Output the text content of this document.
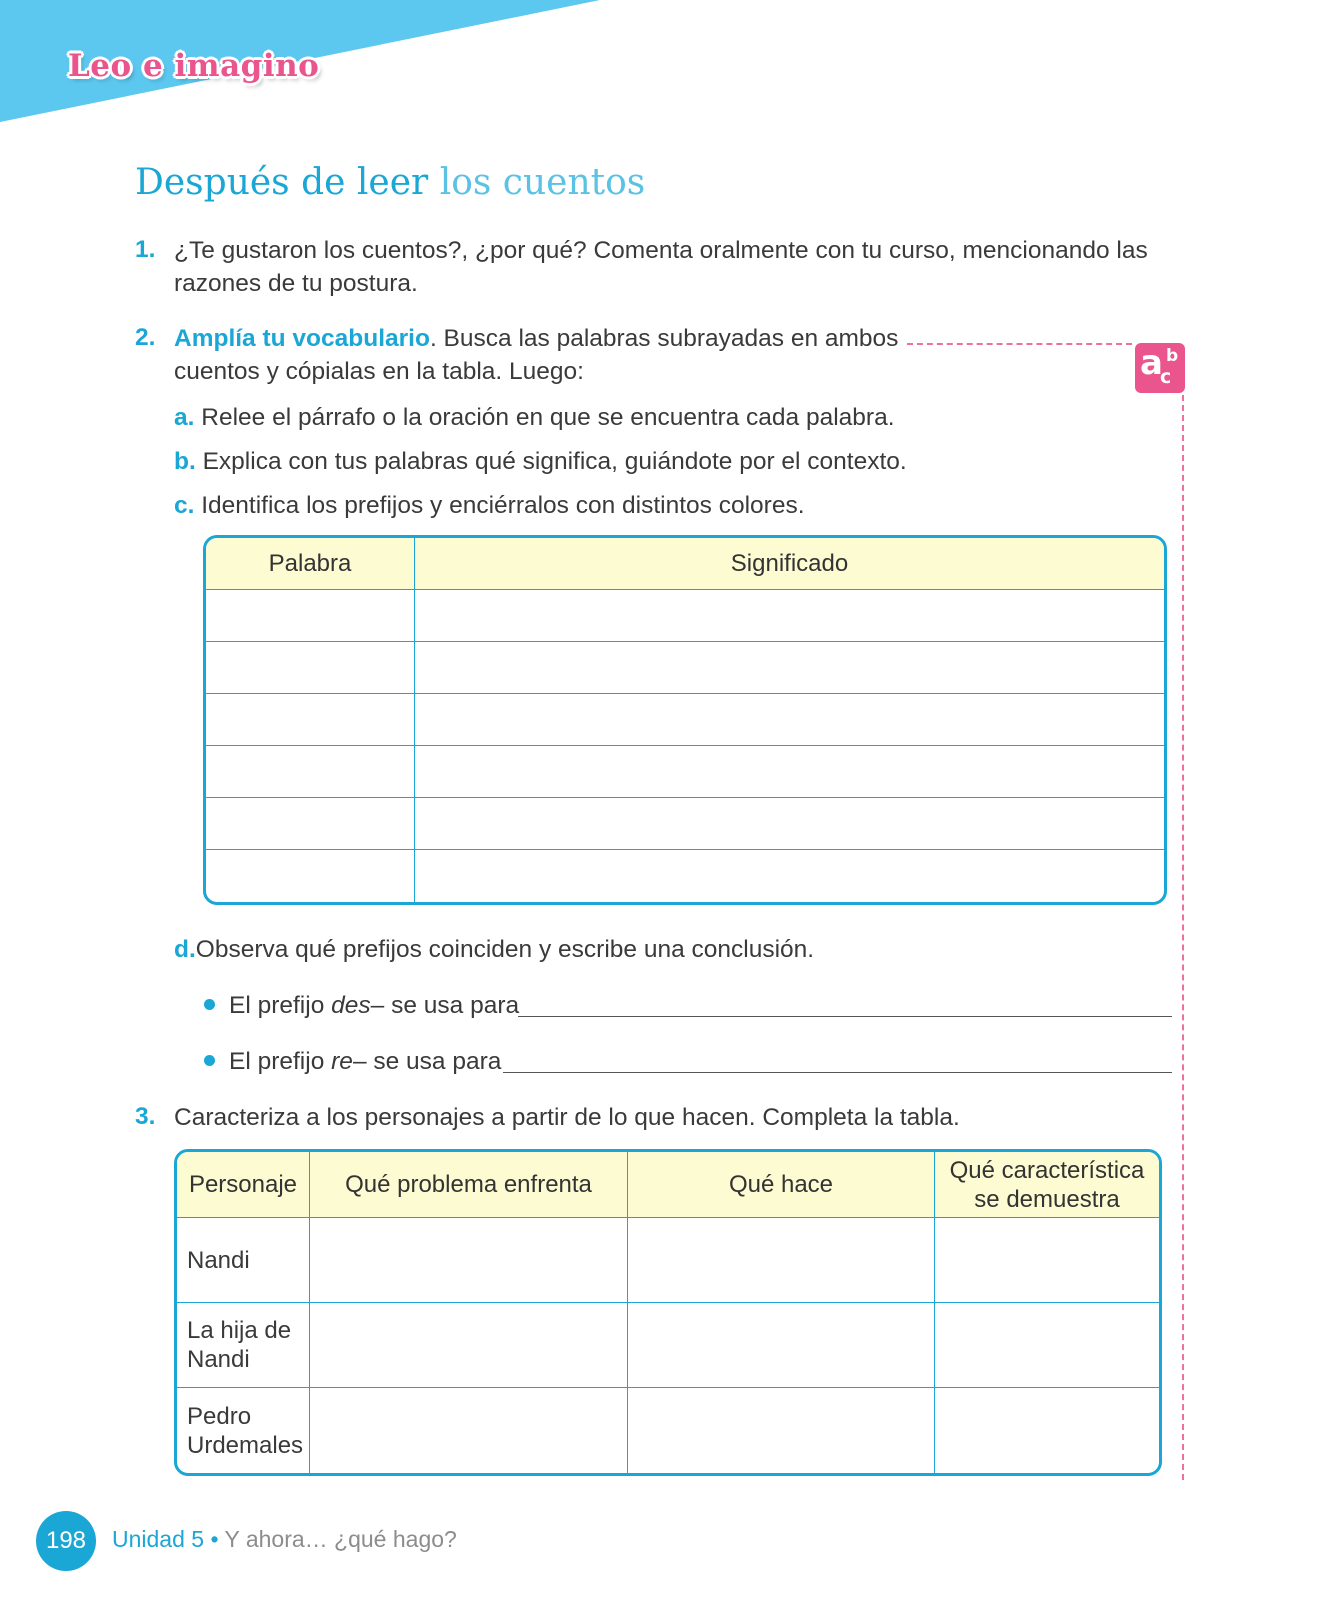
Leo e imagino
Después de leer los cuentos
1. ¿Te gustaron los cuentos?, ¿por qué? Comenta oralmente con tu curso, mencionando las razones de tu postura.
2. Amplía tu vocabulario. Busca las palabras subrayadas en ambos
cuentos y cópialas en la tabla. Luego:	a b
c
a. Relee el párrafo o la oración en que se encuentra cada palabra.
b. Explica con tus palabras qué significa, guiándote por el contexto.
c. Identifica los prefijos y enciérralos con distintos colores.
Palabra	Significado

d.Observa qué prefijos coinciden y escribe una conclusión.
El prefijo des– se usa para
El prefijo re– se usa para
3. Caracteriza a los personajes a partir de lo que hacen. Completa la tabla.
Personaje	Qué problema enfrenta	Qué hace	Qué característica se demuestra
Nandi			
La hija de Nandi			
Pedro Urdemales			
198	Unidad 5 • Y ahora… ¿qué hago?
